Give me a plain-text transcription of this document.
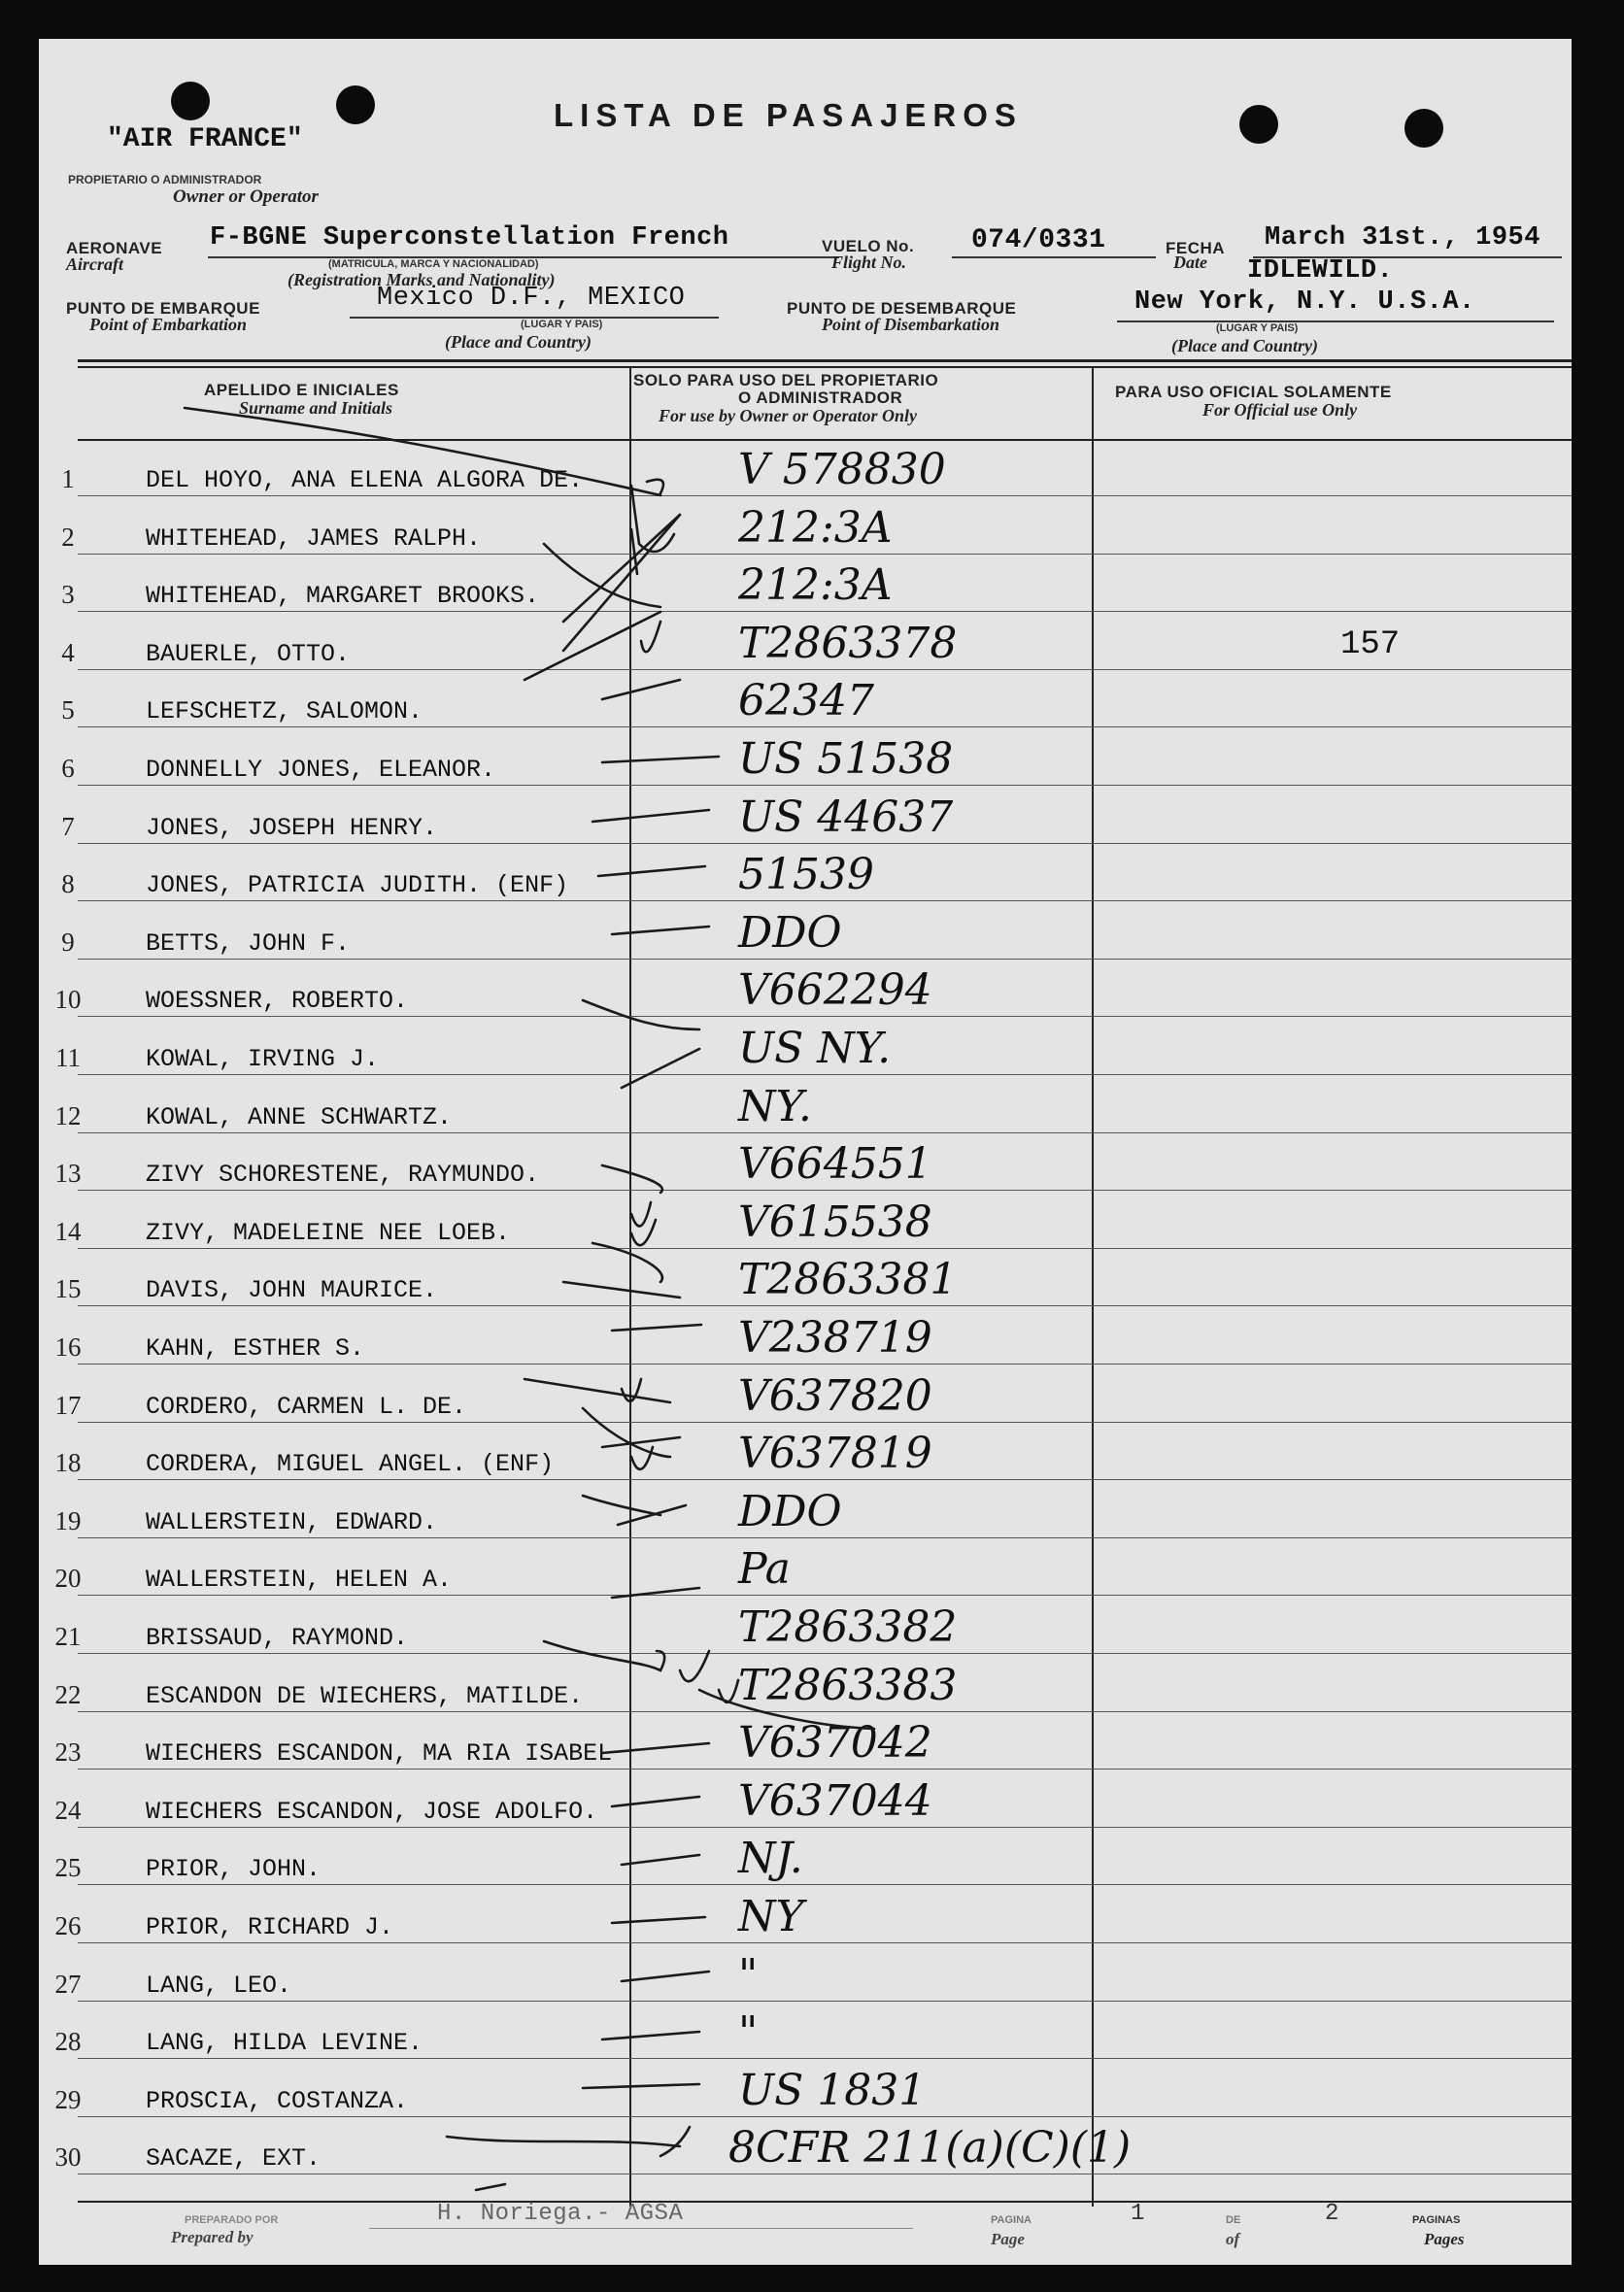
LISTA DE PASAJEROS
"AIR FRANCE"
PROPIETARIO O ADMINISTRADOR
Owner or Operator
AERONAVE
Aircraft
F-BGNE Superconstellation French
(MATRICULA, MARCA Y NACIONALIDAD)
(Registration Marks and Nationality)
VUELO No.
Flight No.
074/0331	FECHA
Date
March 31st., 1954
PUNTO DE EMBARQUE
Point of Embarkation
Mexico D.F., MEXICO
(LUGAR Y PAIS)
(Place and Country)
PUNTO DE DESEMBARQUE
Point of Disembarkation
IDLEWILD.
New York, N.Y. U.S.A.
(LUGAR Y PAIS)
(Place and Country)
APELLIDO E INICIALES
Surname and Initials
SOLO PARA USO DEL PROPIETARIO
O ADMINISTRADOR
For use by Owner or Operator Only
PARA USO OFICIAL SOLAMENTE
For Official use Only
1	DEL HOYO, ANA ELENA ALGORA DE.	V 578830
2	WHITEHEAD, JAMES RALPH.	212:3A
3	WHITEHEAD, MARGARET BROOKS.	212:3A
4	BAUERLE, OTTO.	T2863378	157
5	LEFSCHETZ, SALOMON.	62347
6	DONNELLY JONES, ELEANOR.	US 51538
7	JONES, JOSEPH HENRY.	US 44637
8	JONES, PATRICIA JUDITH. (ENF)	51539
9	BETTS, JOHN F.	DDO
10	WOESSNER, ROBERTO.	V662294
11	KOWAL, IRVING J.	US NY.
12	KOWAL, ANNE SCHWARTZ.	NY.
13	ZIVY SCHORESTENE, RAYMUNDO.	V664551
14	ZIVY, MADELEINE NEE LOEB.	V615538
15	DAVIS, JOHN MAURICE.	T2863381
16	KAHN, ESTHER S.	V238719
17	CORDERO, CARMEN L. DE.	V637820
18	CORDERA, MIGUEL ANGEL. (ENF)	V637819
19	WALLERSTEIN, EDWARD.	DDO
20	WALLERSTEIN, HELEN A.	Pa
21	BRISSAUD, RAYMOND.	T2863382
22	ESCANDON DE WIECHERS, MATILDE.	T2863383
23	WIECHERS ESCANDON, MA RIA ISABEL	V637042
24	WIECHERS ESCANDON, JOSE ADOLFO.	V637044
25	PRIOR, JOHN.	NJ.
26	PRIOR, RICHARD J.	NY
27	LANG, LEO.	"
28	LANG, HILDA LEVINE.	"
29	PROSCIA, COSTANZA.	US 1831
30	SACAZE, EXT.	8CFR 211(a)(C)(1)
PREPARADO POR
Prepared by
H. Noriega.- AGSA	PAGINA
Page
1	DE
of
2	PAGINAS
Pages
